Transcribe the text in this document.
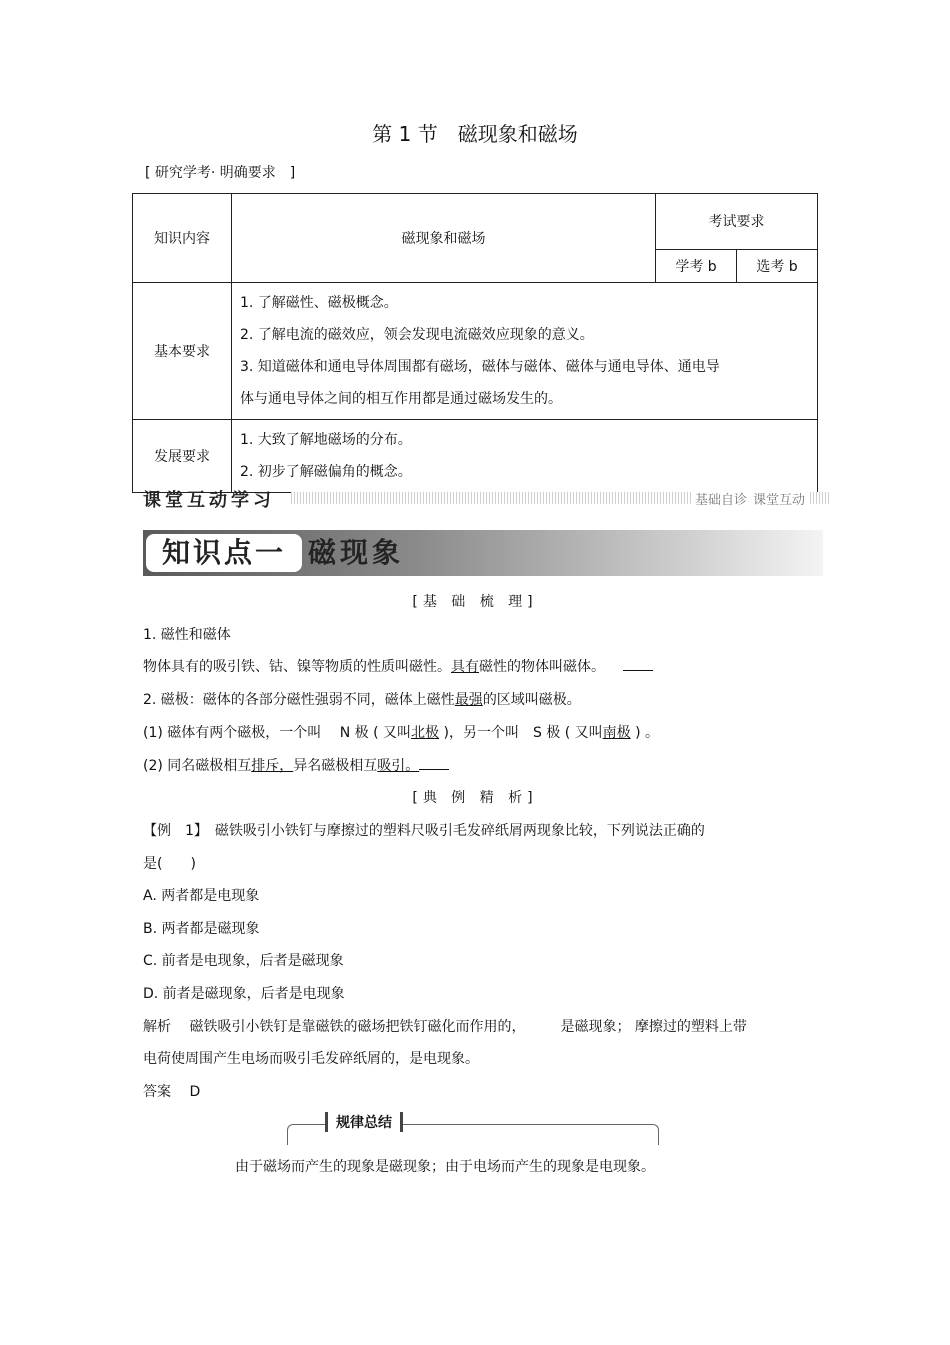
第 1 节　磁现象和磁场
[ 研究学考· 明确要求　]
知识内容	磁现象和磁场	考试要求	
		学考 b	选考 b
基本要求	1. 了解磁性、磁极概念。
2. 了解电流的磁效应，领会发现电流磁效应现象的意义。
3. 知道磁体和通电导体周围都有磁场，磁体与磁体、磁体与通电导体、通电导
体与通电导体之间的相互作用都是通过磁场发生的。		

发展要求	1. 大致了解地磁场的分布。
2. 初步了解磁偏角的概念。		
课堂互动学习	基础自诊 课堂互动
知识点一 磁现象
[基 础 梳 理]
1. 磁性和磁体
物体具有的吸引铁、钴、镍等物质的性质叫磁性。具有磁性的物体叫磁体。
2. 磁极：磁体的各部分磁性强弱不同，磁体上磁性最强的区域叫磁极。
(1) 磁体有两个磁极，一个叫　 N 极 ( 又叫北极 )，另一个叫　S 极 ( 又叫南极 ) 。
(2) 同名磁极相互排斥，异名磁极相互吸引。
[典 例 精 析]
【例　1】　磁铁吸引小铁钉与摩擦过的塑料尺吸引毛发碎纸屑两现象比较，下列说法正确的
是(　　)
A. 两者都是电现象
B. 两者都是磁现象
C. 前者是电现象，后者是磁现象
D. 前者是磁现象，后者是电现象
解析　 磁铁吸引小铁钉是靠磁铁的磁场把铁钉磁化而作用的，　　　是磁现象； 摩擦过的塑料上带
电荷使周围产生电场而吸引毛发碎纸屑的，是电现象。
答案　 D
规律总结
由于磁场而产生的现象是磁现象；由于电场而产生的现象是电现象。
